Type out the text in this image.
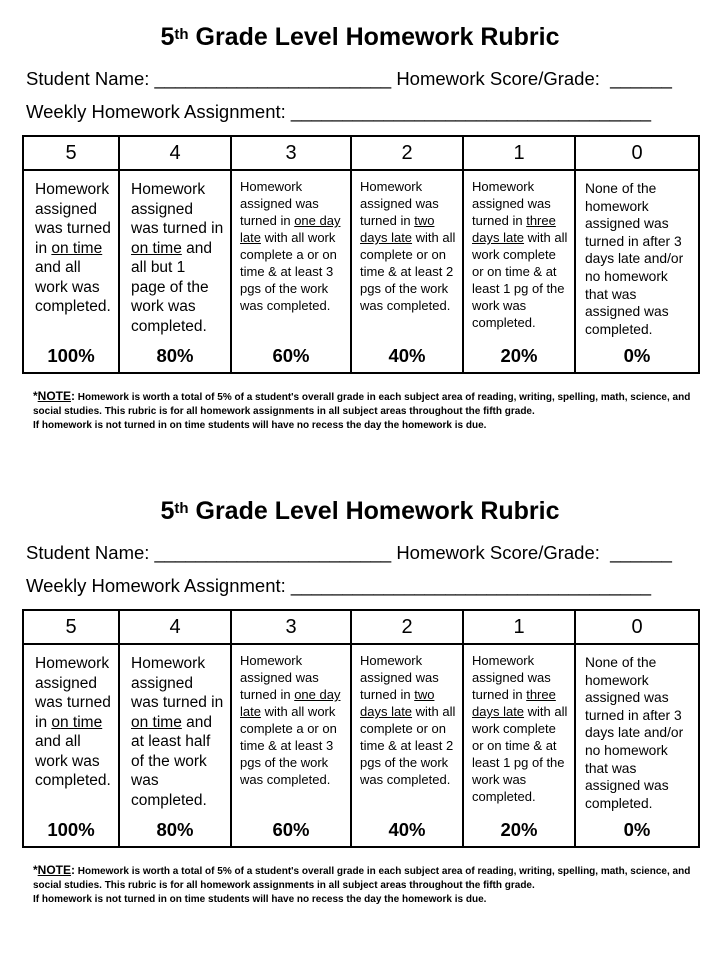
5th Grade Level Homework Rubric
Student Name: _______________________ Homework Score/Grade:  ______
Weekly Homework Assignment: ___________________________________
5	4	3	2	1	0
Homework assigned was turned in on time and all work was completed.	Homework assigned was turned in on time and all but 1 page of the work was completed.	Homework assigned was turned in one day late with all work complete a or on time & at least 3 pgs of the work was completed.	Homework assigned was turned in two days late with all complete or on time & at least 2 pgs of the work was completed.	Homework assigned was turned in three days late with all work complete or on time & at least 1 pg of the work was completed.	None of the homework assigned was turned in after 3 days late and/or no homework that was assigned was completed.
100%	80%	60%	40%	20%	0%
*NOTE: Homework is worth a total of 5% of a student's overall grade in each subject area of reading, writing, spelling, math, science, and social studies. This rubric is for all homework assignments in all subject areas throughout the fifth grade.
If homework is not turned in on time students will have no recess the day the homework is due.
5th Grade Level Homework Rubric
Student Name: _______________________ Homework Score/Grade:  ______
Weekly Homework Assignment: ___________________________________
5	4	3	2	1	0
Homework assigned was turned in on time and all work was completed.	Homework assigned was turned in on time and at least half of the work was completed.	Homework assigned was turned in one day late with all work complete a or on time & at least 3 pgs of the work was completed.	Homework assigned was turned in two days late with all complete or on time & at least 2 pgs of the work was completed.	Homework assigned was turned in three days late with all work complete or on time & at least 1 pg of the work was completed.	None of the homework assigned was turned in after 3 days late and/or no homework that was assigned was completed.
100%	80%	60%	40%	20%	0%
*NOTE: Homework is worth a total of 5% of a student's overall grade in each subject area of reading, writing, spelling, math, science, and social studies. This rubric is for all homework assignments in all subject areas throughout the fifth grade.
If homework is not turned in on time students will have no recess the day the homework is due.
